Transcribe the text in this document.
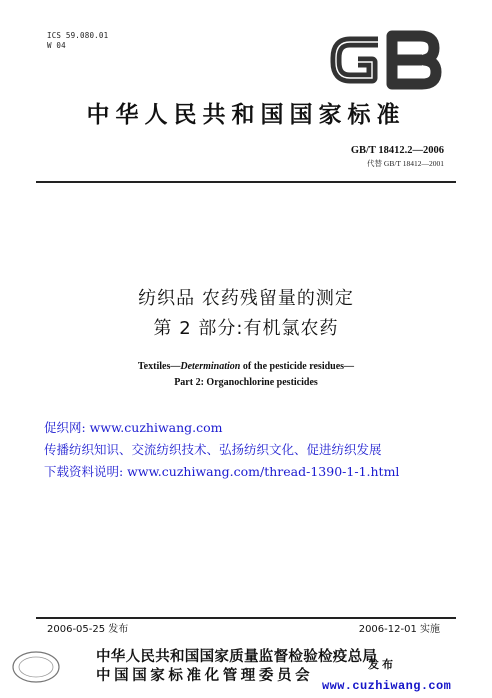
ICS 59.080.01
W 04
中华人民共和国国家标准
GB/T 18412.2—2006
代替 GB/T 18412—2001
纺织品 农药残留量的测定
第 2 部分:有机氯农药
Textiles—Determination of the pesticide residues—
Part 2: Organochlorine pesticides
促织网: www.cuzhiwang.com
传播纺织知识、交流纺织技术、弘扬纺织文化、促进纺织发展
下载资料说明: www.cuzhiwang.com/thread-1390-1-1.html
2006-05-25 发布	2006-12-01 实施
中华人民共和国国家质量监督检验检疫总局
中国国家标准化管理委员会
发布
www.cuzhiwang.com
